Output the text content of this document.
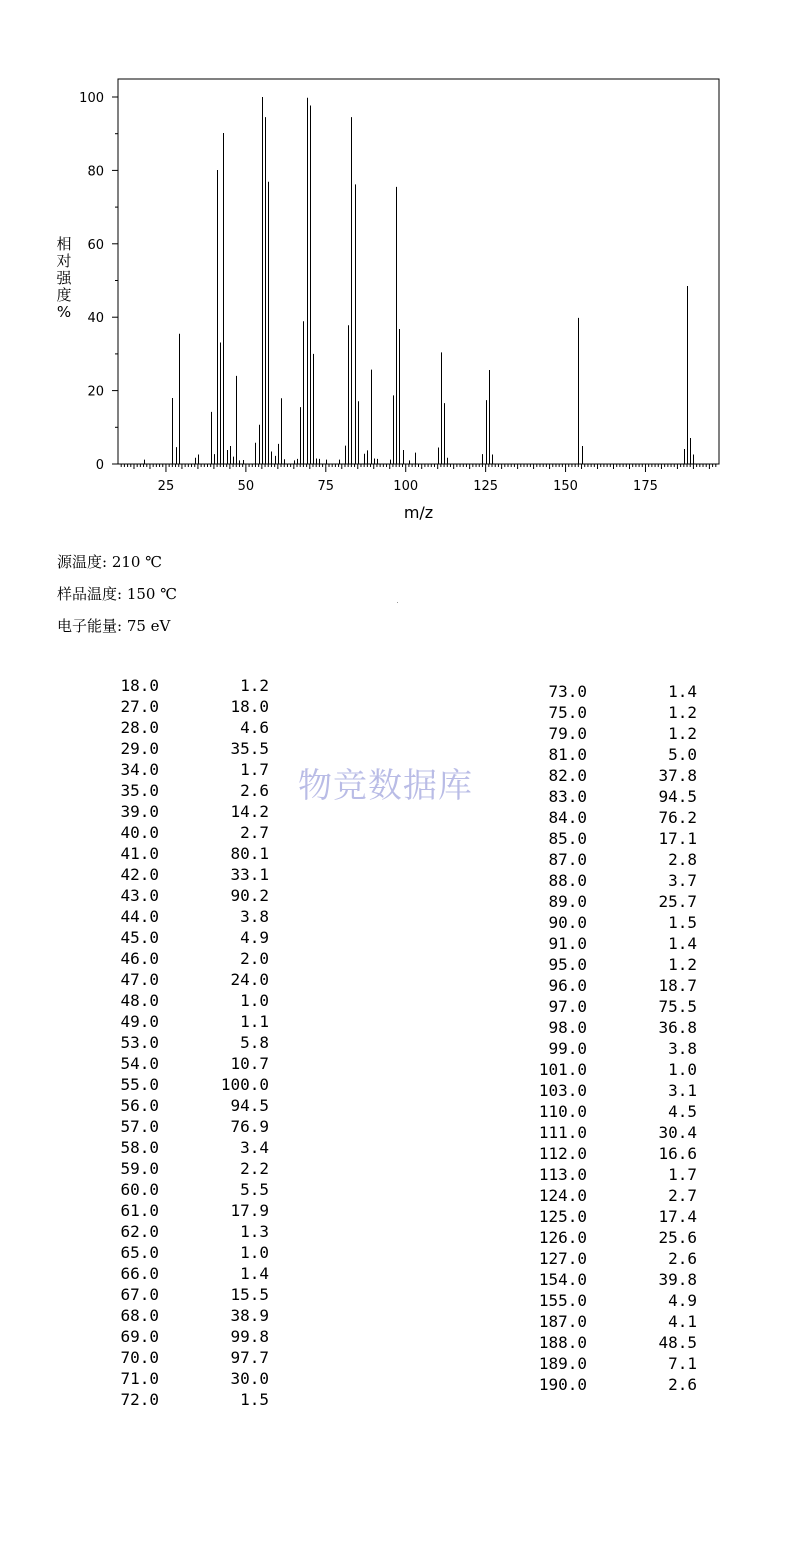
0
20
40
60
80
100
25	50	75	100	125	150	175
m/z
相
对
强
度
%
源温度: 210 ℃
样品温度: 150 ℃
电子能量: 75 eV
物竞数据库
18.0	1.2
27.0	18.0
28.0	4.6
29.0	35.5
34.0	1.7
35.0	2.6
39.0	14.2
40.0	2.7
41.0	80.1
42.0	33.1
43.0	90.2
44.0	3.8
45.0	4.9
46.0	2.0
47.0	24.0
48.0	1.0
49.0	1.1
53.0	5.8
54.0	10.7
55.0	100.0
56.0	94.5
57.0	76.9
58.0	3.4
59.0	2.2
60.0	5.5
61.0	17.9
62.0	1.3
65.0	1.0
66.0	1.4
67.0	15.5
68.0	38.9
69.0	99.8
70.0	97.7
71.0	30.0
72.0	1.5
73.0	1.4
75.0	1.2
79.0	1.2
81.0	5.0
82.0	37.8
83.0	94.5
84.0	76.2
85.0	17.1
87.0	2.8
88.0	3.7
89.0	25.7
90.0	1.5
91.0	1.4
95.0	1.2
96.0	18.7
97.0	75.5
98.0	36.8
99.0	3.8
101.0	1.0
103.0	3.1
110.0	4.5
111.0	30.4
112.0	16.6
113.0	1.7
124.0	2.7
125.0	17.4
126.0	25.6
127.0	2.6
154.0	39.8
155.0	4.9
187.0	4.1
188.0	48.5
189.0	7.1
190.0	2.6
